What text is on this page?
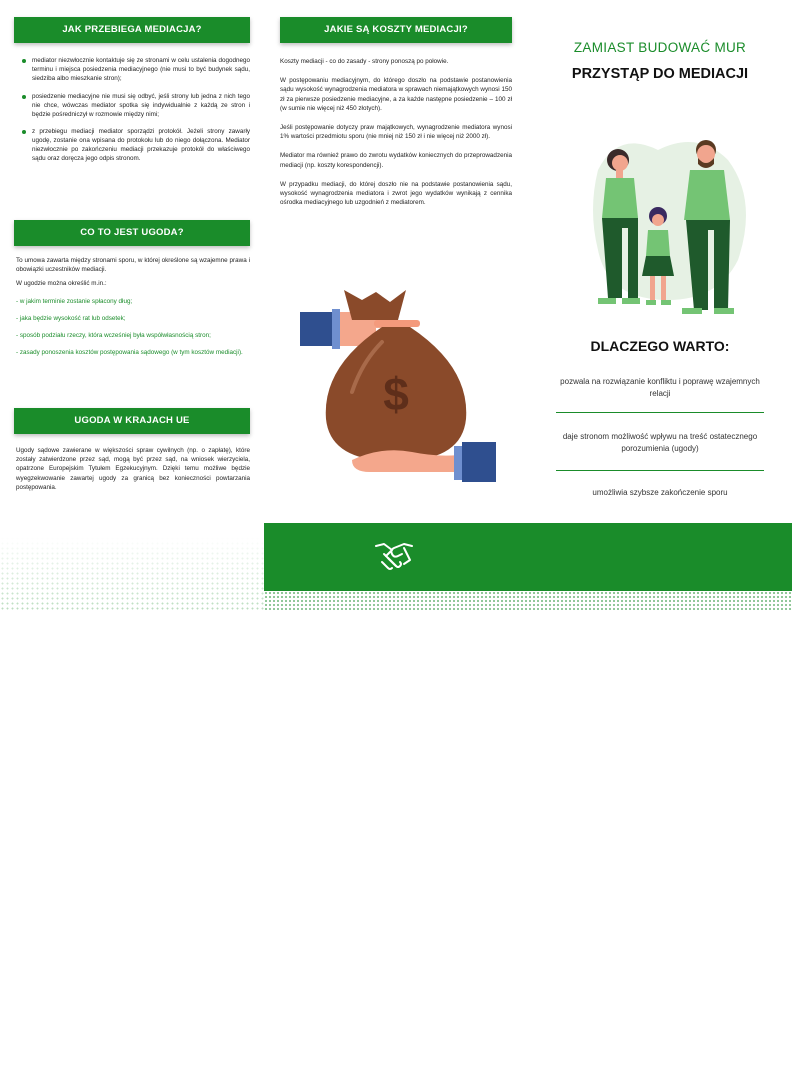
JAK PRZEBIEGA MEDIACJA?
mediator niezwłocznie kontaktuje się ze stronami w celu ustalenia dogodnego terminu i miejsca posiedzenia mediacyjnego (nie musi to być budynek sądu, siedziba albo mieszkanie stron);
posiedzenie mediacyjne nie musi się odbyć, jeśli strony lub jedna z nich tego nie chce, wówczas mediator spotka się indywidualnie z każdą ze stron i będzie pośredniczył w rozmowie między nimi;
z przebiegu mediacji mediator sporządzi protokół. Jeżeli strony zawarły ugodę, zostanie ona wpisana do protokołu lub do niego dołączona. Mediator niezwłocznie po zakończeniu mediacji przekazuje protokół do właściwego sądu oraz doręcza jego odpis stronom.
CO TO JEST UGODA?

To umowa zawarta między stronami sporu, w której określone są wzajemne prawa i obowiązki uczestników mediacji.

W ugodzie można określić m.in.:

- w jakim terminie zostanie spłacony dług;

- jaka będzie wysokość rat lub odsetek;

- sposób podziału rzeczy, która wcześniej była współwłasnością stron;

- zasady ponoszenia kosztów postępowania sądowego (w tym kosztów mediacji).

UGODA W KRAJACH UE
Ugody sądowe zawierane w większości spraw cywilnych (np. o zapłatę), które zostały zatwierdzone przez sąd, mogą być przez sąd, na wniosek wierzyciela, opatrzone Europejskim Tytułem Egzekucyjnym. Dzięki temu możliwe będzie wyegzekwowanie zawartej ugody za granicą bez konieczności powtarzania postępowania.
JAKIE SĄ KOSZTY MEDIACJI?

Koszty mediacji - co do zasady - strony ponoszą po połowie.

W postępowaniu mediacyjnym, do którego doszło na podstawie postanowienia sądu wysokość wynagrodzenia mediatora w sprawach niemajątkowych wynosi 150 zł za pierwsze posiedzenie mediacyjne, a za każde następne posiedzenie – 100 zł (w sumie nie więcej niż 450 złotych).

Jeśli postępowanie dotyczy praw majątkowych, wynagrodzenie mediatora wynosi 1% wartości przedmiotu sporu (nie mniej niż 150 zł i nie więcej niż 2000 zł).

Mediator ma również prawo do zwrotu wydatków koniecznych do przeprowadzenia mediacji (np. koszty korespondencji).

W przypadku mediacji, do której doszło nie na podstawie postanowienia sądu, wysokość wynagrodzenia mediatora i zwrot jego wydatków wynikają z cennika ośrodka mediacyjnego lub uzgodnień z mediatorem.

$
ZAMIAST BUDOWAĆ MUR
PRZYSTĄP DO MEDIACJI
DLACZEGO WARTO:
pozwala na rozwiązanie konfliktu i poprawę wzajemnych relacji
daje stronom możliwość wpływu na treść ostatecznego porozumienia (ugody)
umożliwia szybsze zakończenie sporu
gov.pl/web/sprawiedliwosc/mediacje
